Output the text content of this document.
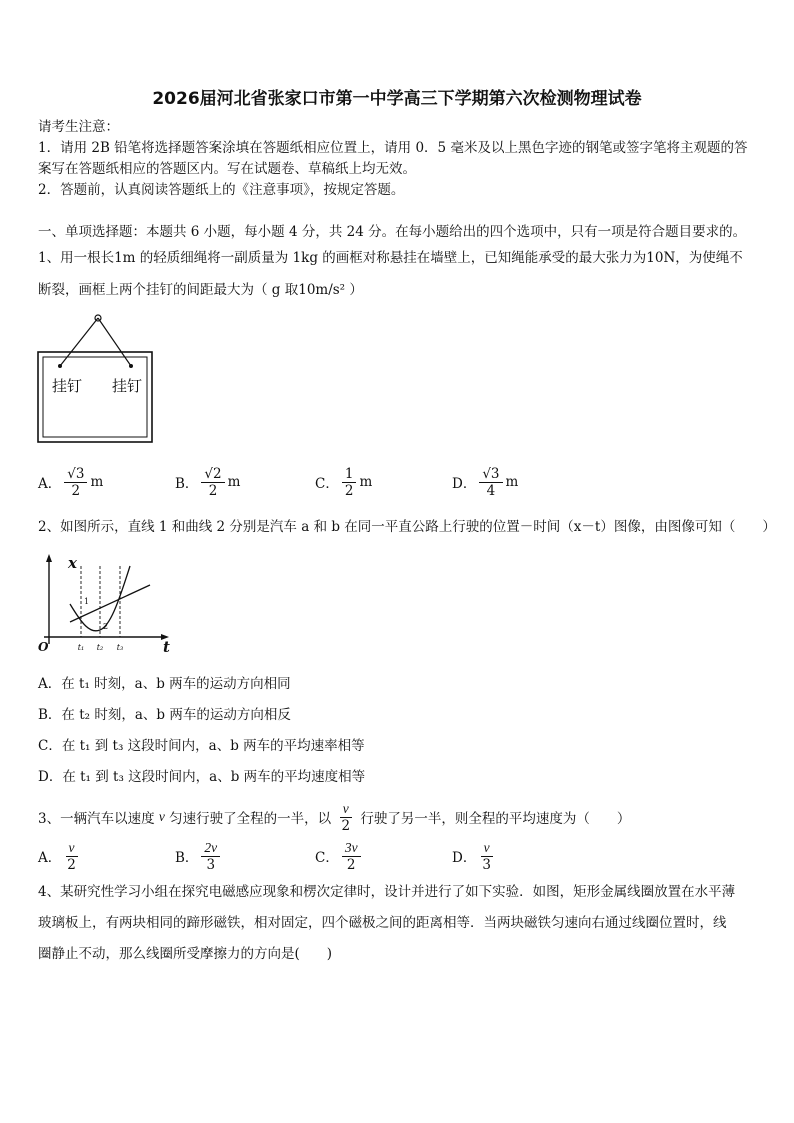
2026届河北省张家口市第一中学高三下学期第六次检测物理试卷
请考生注意：
1．请用 2B 铅笔将选择题答案涂填在答题纸相应位置上，请用 0．5 毫米及以上黑色字迹的钢笔或签字笔将主观题的答
案写在答题纸相应的答题区内。写在试题卷、草稿纸上均无效。
2．答题前，认真阅读答题纸上的《注意事项》，按规定答题。
一、单项选择题：本题共 6 小题，每小题 4 分，共 24 分。在每小题给出的四个选项中，只有一项是符合题目要求的。
1、用一根长1m 的轻质细绳将一副质量为 1kg 的画框对称悬挂在墙壁上，已知绳能承受的最大张力为10N，为使绳不
断裂，画框上两个挂钉的间距最大为（ g 取10m/s² ）
挂钉 挂钉
A． $\frac{√3}{2}$ m	B． $\frac{√2}{2}$ m	C． $\frac{1}{2}$ m	D． $\frac{√3}{4}$ m
2、如图所示，直线 1 和曲线 2 分别是汽车 a 和 b 在同一平直公路上行驶的位置－时间（x－t）图像，由图像可知（　　）
x
t
O
1
2
t₁ t₂ t₃
A．在 t₁ 时刻，a、b 两车的运动方向相同
B．在 t₂ 时刻，a、b 两车的运动方向相反
C．在 t₁ 到 t₃ 这段时间内，a、b 两车的平均速率相等
D．在 t₁ 到 t₃ 这段时间内，a、b 两车的平均速度相等
3、一辆汽车以速度 v 匀速行驶了全程的一半，以 $\frac{v}{2}$ 行驶了另一半，则全程的平均速度为（　　）
A． $\frac{v}{2}$	B． $\frac{2v}{3}$	C． $\frac{3v}{2}$	D． $\frac{v}{3}$
4、某研究性学习小组在探究电磁感应现象和楞次定律时，设计并进行了如下实验．如图，矩形金属线圈放置在水平薄
玻璃板上，有两块相同的蹄形磁铁，相对固定，四个磁极之间的距离相等．当两块磁铁匀速向右通过线圈位置时，线
圈静止不动，那么线圈所受摩擦力的方向是(　　)
